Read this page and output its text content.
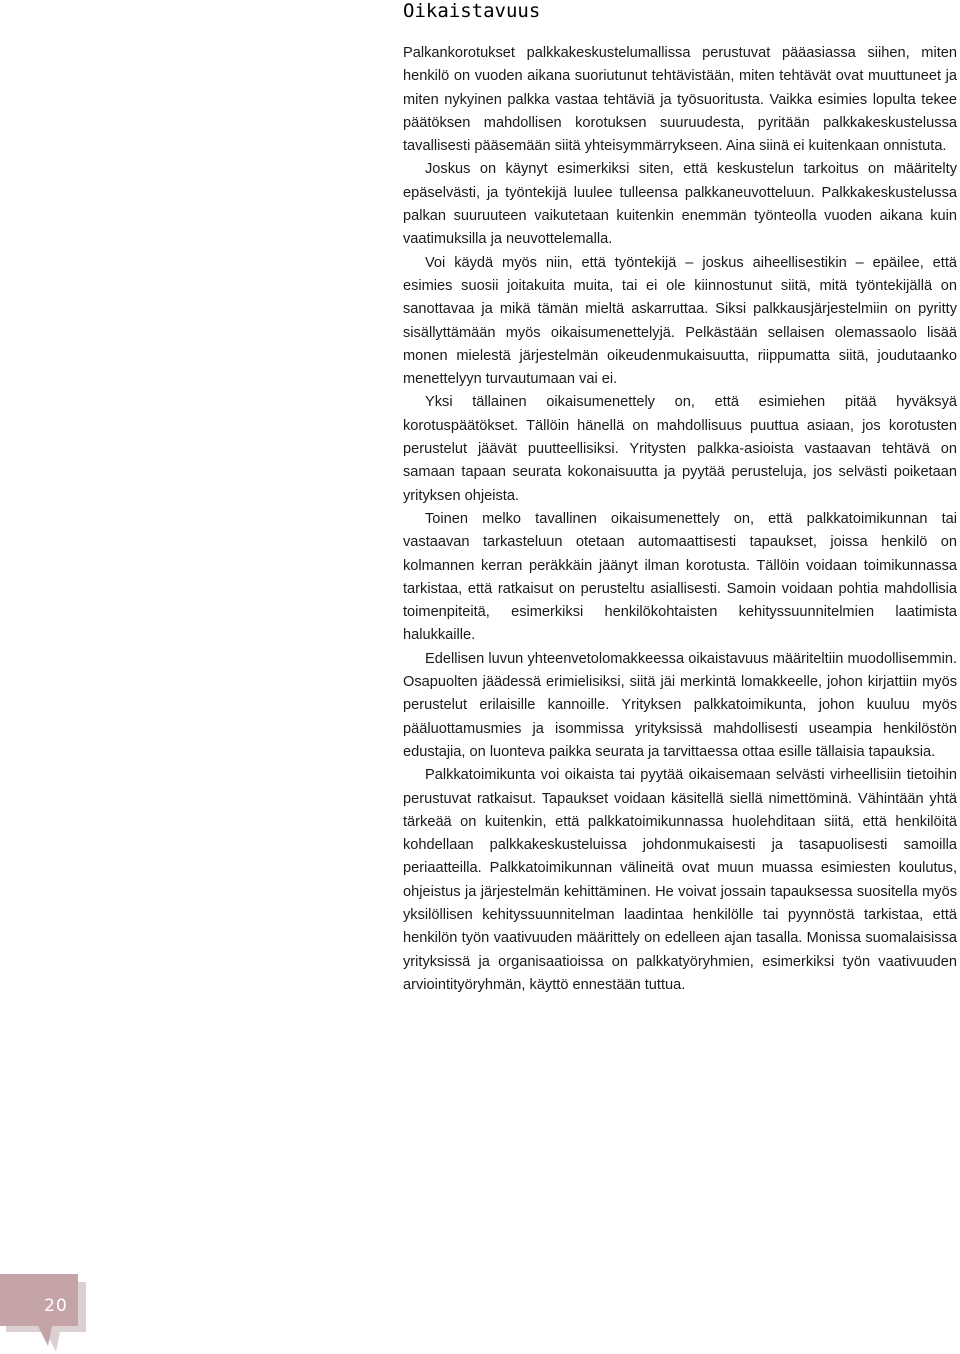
Oikaistavuus

Palkankorotukset palkkakeskustelumallissa perustuvat pääasiassa siihen, miten henkilö on vuoden aikana suoriutunut tehtävistään, miten tehtävät ovat muuttuneet ja miten nykyinen palkka vastaa tehtäviä ja työsuoritusta. Vaikka esimies lopulta tekee päätöksen mahdollisen korotuksen suuruudesta, pyritään palkkakeskustelussa tavallisesti pääsemään siitä yhteisymmärrykseen. Aina siinä ei kuitenkaan onnistuta.

Joskus on käynyt esimerkiksi siten, että keskustelun tarkoitus on määritelty epäselvästi, ja työntekijä luulee tulleensa palkkaneuvotteluun. Palkkakeskustelussa palkan suuruuteen vaikutetaan kuitenkin enemmän työnteolla vuoden aikana kuin vaatimuksilla ja neuvottelemalla.

Voi käydä myös niin, että työntekijä – joskus aiheellisestikin – epäilee, että esimies suosii joitakuita muita, tai ei ole kiinnostunut siitä, mitä työntekijällä on sanottavaa ja mikä tämän mieltä askarruttaa. Siksi palkkausjärjestelmiin on pyritty sisällyttämään myös oikaisumenettelyjä. Pelkästään sellaisen olemassaolo lisää monen mielestä järjestelmän oikeudenmukaisuutta, riippumatta siitä, joudutaanko menettelyyn turvautumaan vai ei.

Yksi tällainen oikaisumenettely on, että esimiehen pitää hyväksyä korotuspäätökset. Tällöin hänellä on mahdollisuus puuttua asiaan, jos korotusten perustelut jäävät puutteellisiksi. Yritysten palkka-asioista vastaavan tehtävä on samaan tapaan seurata kokonaisuutta ja pyytää perusteluja, jos selvästi poiketaan yrityksen ohjeista.

Toinen melko tavallinen oikaisumenettely on, että palkkatoimikunnan tai vastaavan tarkasteluun otetaan automaattisesti tapaukset, joissa henkilö on kolmannen kerran peräkkäin jäänyt ilman korotusta. Tällöin voidaan toimikunnassa tarkistaa, että ratkaisut on perusteltu asiallisesti. Samoin voidaan pohtia mahdollisia toimenpiteitä, esimerkiksi henkilökohtaisten kehityssuunnitelmien laatimista halukkaille.

Edellisen luvun yhteenvetolomakkeessa oikaistavuus määriteltiin muodollisemmin. Osapuolten jäädessä erimielisiksi, siitä jäi merkintä lomakkeelle, johon kirjattiin myös perustelut erilaisille kannoille. Yrityksen palkkatoimikunta, johon kuuluu myös pääluottamusmies ja isommissa yrityksissä mahdollisesti useampia henkilöstön edustajia, on luonteva paikka seurata ja tarvittaessa ottaa esille tällaisia tapauksia.

Palkkatoimikunta voi oikaista tai pyytää oikaisemaan selvästi virheellisiin tietoihin perustuvat ratkaisut. Tapaukset voidaan käsitellä siellä nimettöminä. Vähintään yhtä tärkeää on kuitenkin, että palkkatoimikunnassa huolehditaan siitä, että henkilöitä kohdellaan palkkakeskusteluissa johdonmukaisesti ja tasapuolisesti samoilla periaatteilla. Palkkatoimikunnan välineitä ovat muun muassa esimiesten koulutus, ohjeistus ja järjestelmän kehittäminen. He voivat jossain tapauksessa suositella myös yksilöllisen kehityssuunnitelman laadintaa henkilölle tai pyynnöstä tarkistaa, että henkilön työn vaativuuden määrittely on edelleen ajan tasalla. Monissa suomalaisissa yrityksissä ja organisaatioissa on palkkatyöryhmien, esimerkiksi työn vaativuuden arviointityöryhmän, käyttö ennestään tuttua.

20
